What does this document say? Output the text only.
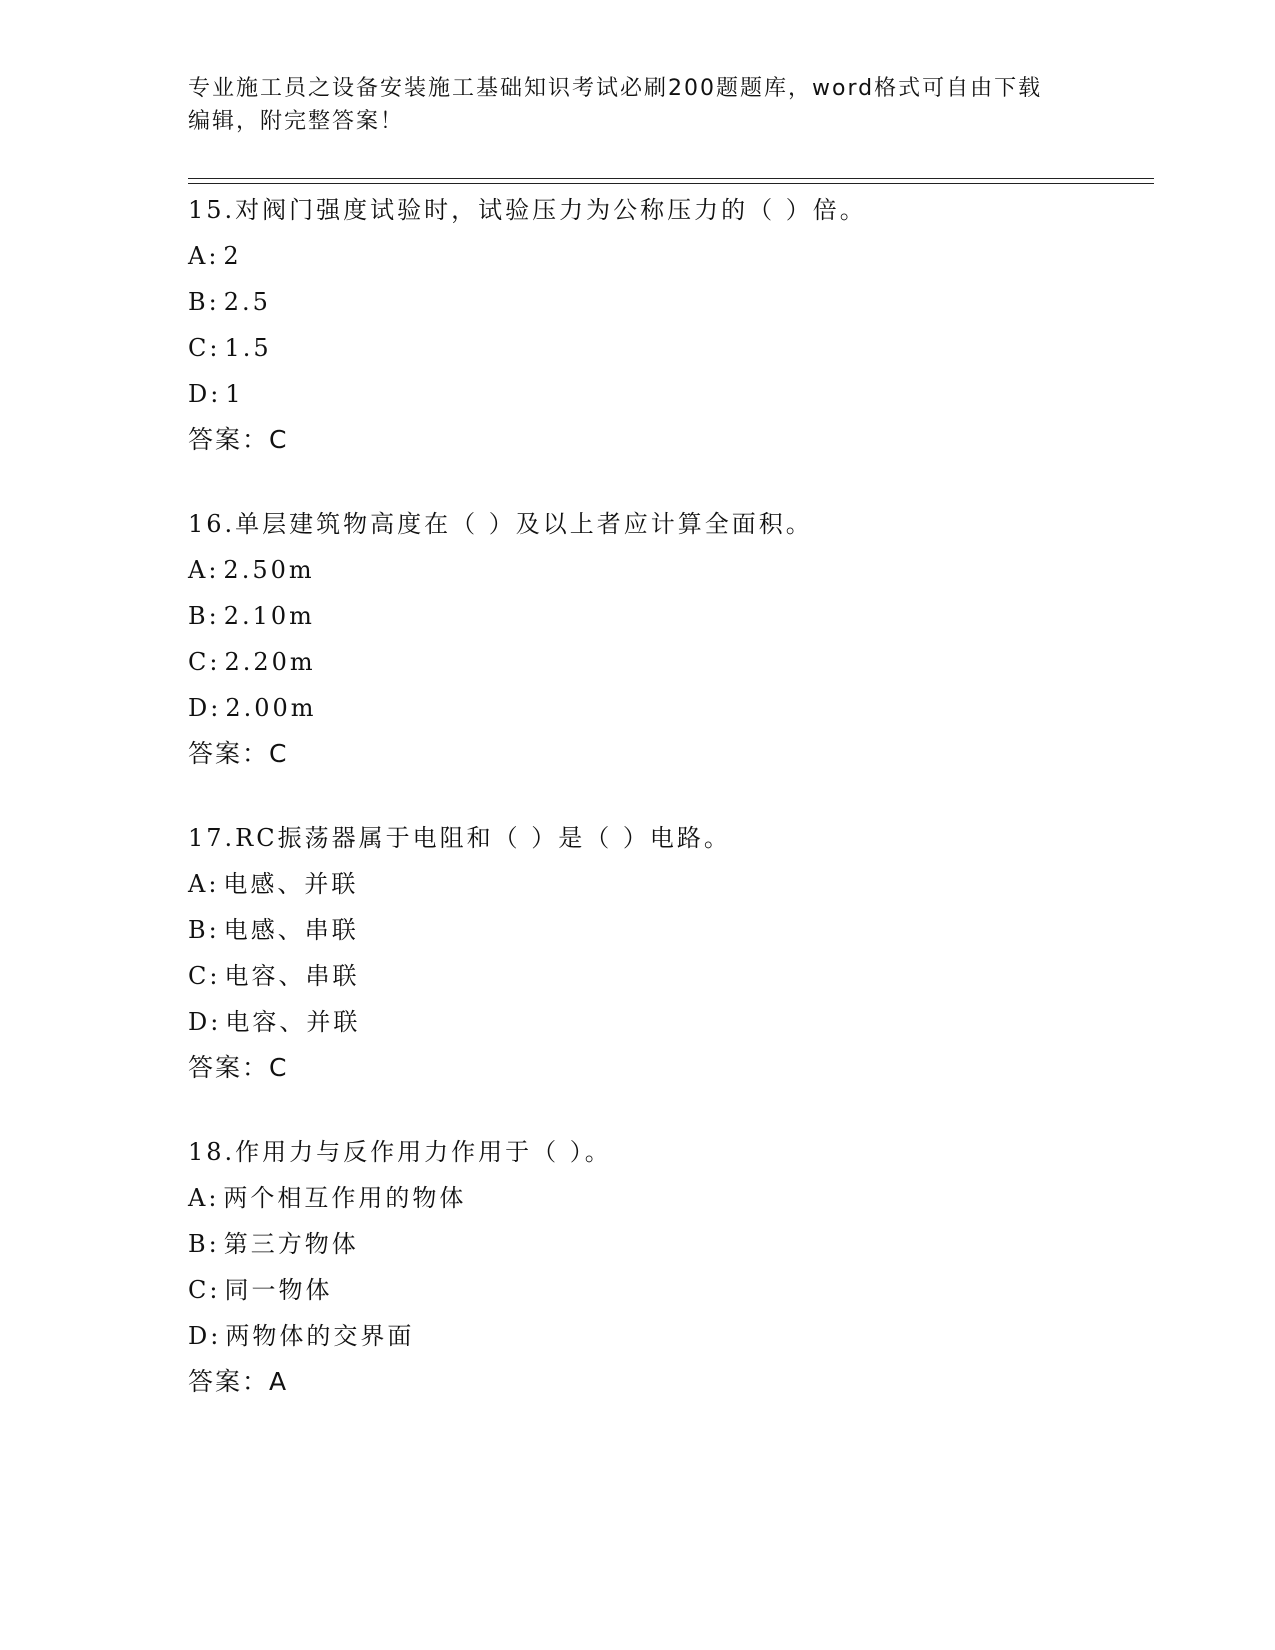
专业施工员之设备安装施工基础知识考试必刷200题题库，word格式可自由下载
编辑，附完整答案！
15.对阀门强度试验时，试验压力为公称压力的（ ）倍。
A: 2
B: 2.5
C: 1.5
D: 1
答案：C
16.单层建筑物高度在（ ）及以上者应计算全面积。
A: 2.50m
B: 2.10m
C: 2.20m
D: 2.00m
答案：C
17.RC振荡器属于电阻和（ ）是（ ）电路。
A: 电感、并联
B: 电感、串联
C: 电容、串联
D: 电容、并联
答案：C
18.作用力与反作用力作用于（ ）。
A: 两个相互作用的物体
B: 第三方物体
C: 同一物体
D: 两物体的交界面
答案：A
